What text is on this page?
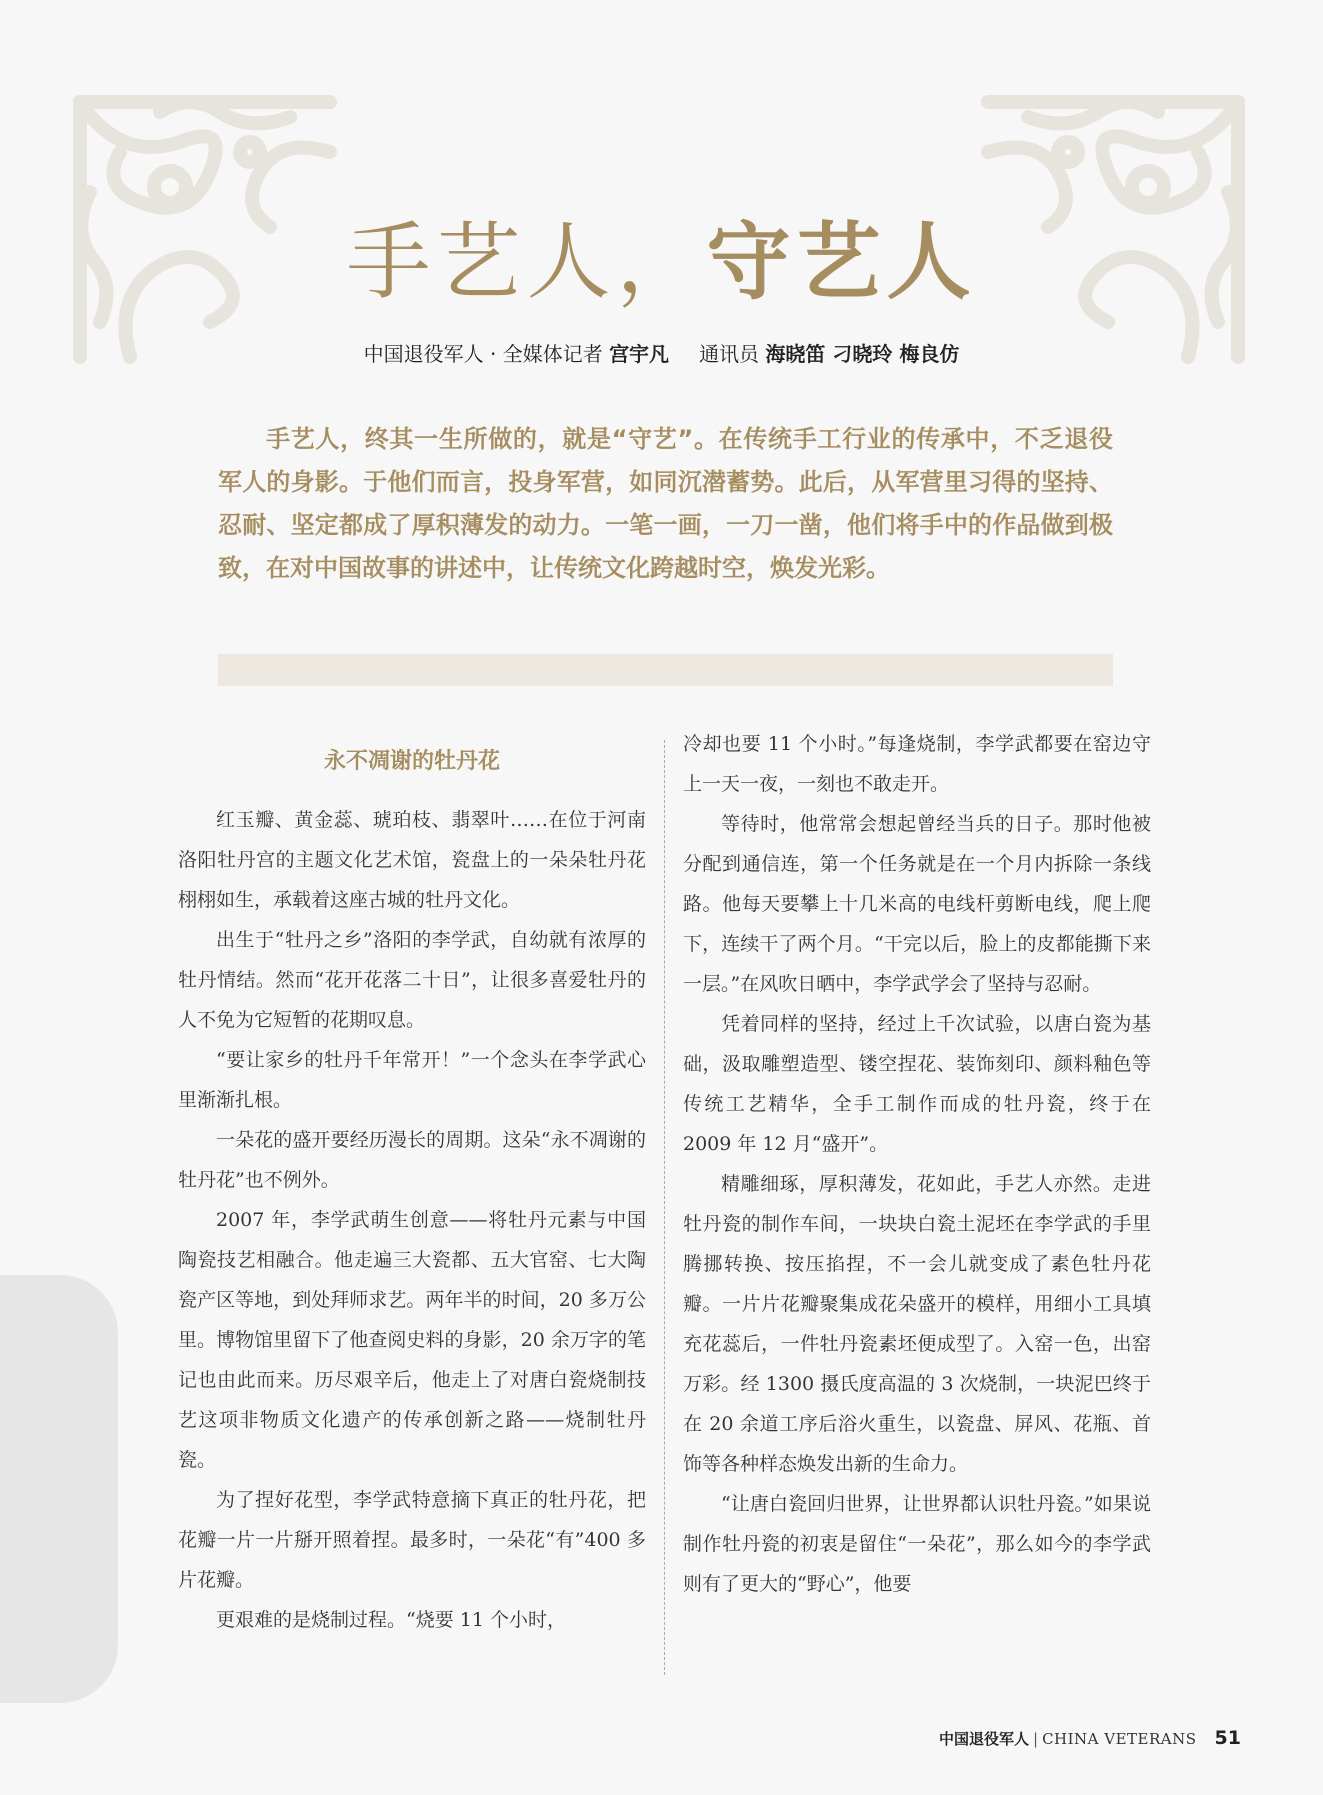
手艺人，守艺人
中国退役军人 · 全媒体记者 宫宇凡 通讯员 海晓笛 刁晓玲 梅良仿

手艺人，终其一生所做的，就是“守艺”。在传统手工行业的传承中，不乏退役军人的身影。于他们而言，投身军营，如同沉潜蓄势。此后，从军营里习得的坚持、忍耐、坚定都成了厚积薄发的动力。一笔一画，一刀一凿，他们将手中的作品做到极致，在对中国故事的讲述中，让传统文化跨越时空，焕发光彩。

永不凋谢的牡丹花

红玉瓣、黄金蕊、琥珀枝、翡翠叶……在位于河南洛阳牡丹宫的主题文化艺术馆，瓷盘上的一朵朵牡丹花栩栩如生，承载着这座古城的牡丹文化。

出生于“牡丹之乡”洛阳的李学武，自幼就有浓厚的牡丹情结。然而“花开花落二十日”，让很多喜爱牡丹的人不免为它短暂的花期叹息。

“要让家乡的牡丹千年常开！”一个念头在李学武心里渐渐扎根。

一朵花的盛开要经历漫长的周期。这朵“永不凋谢的牡丹花”也不例外。

2007 年，李学武萌生创意——将牡丹元素与中国陶瓷技艺相融合。他走遍三大瓷都、五大官窑、七大陶瓷产区等地，到处拜师求艺。两年半的时间，20 多万公里。博物馆里留下了他查阅史料的身影，20 余万字的笔记也由此而来。历尽艰辛后，他走上了对唐白瓷烧制技艺这项非物质文化遗产的传承创新之路——烧制牡丹瓷。

为了捏好花型，李学武特意摘下真正的牡丹花，把花瓣一片一片掰开照着捏。最多时，一朵花“有”400 多片花瓣。

更艰难的是烧制过程。“烧要 11 个小时，

冷却也要 11 个小时。”每逢烧制，李学武都要在窑边守上一天一夜，一刻也不敢走开。

等待时，他常常会想起曾经当兵的日子。那时他被分配到通信连，第一个任务就是在一个月内拆除一条线路。他每天要攀上十几米高的电线杆剪断电线，爬上爬下，连续干了两个月。“干完以后，脸上的皮都能撕下来一层。”在风吹日晒中，李学武学会了坚持与忍耐。

凭着同样的坚持，经过上千次试验，以唐白瓷为基础，汲取雕塑造型、镂空捏花、装饰刻印、颜料釉色等传统工艺精华，全手工制作而成的牡丹瓷，终于在 2009 年 12 月“盛开”。

精雕细琢，厚积薄发，花如此，手艺人亦然。走进牡丹瓷的制作车间，一块块白瓷土泥坯在李学武的手里腾挪转换、按压掐捏，不一会儿就变成了素色牡丹花瓣。一片片花瓣聚集成花朵盛开的模样，用细小工具填充花蕊后，一件牡丹瓷素坯便成型了。入窑一色，出窑万彩。经 1300 摄氏度高温的 3 次烧制，一块泥巴终于在 20 余道工序后浴火重生，以瓷盘、屏风、花瓶、首饰等各种样态焕发出新的生命力。

“让唐白瓷回归世界，让世界都认识牡丹瓷。”如果说制作牡丹瓷的初衷是留住“一朵花”，那么如今的李学武则有了更大的“野心”，他要

中国退役军人 | CHINA VETERANS 51
